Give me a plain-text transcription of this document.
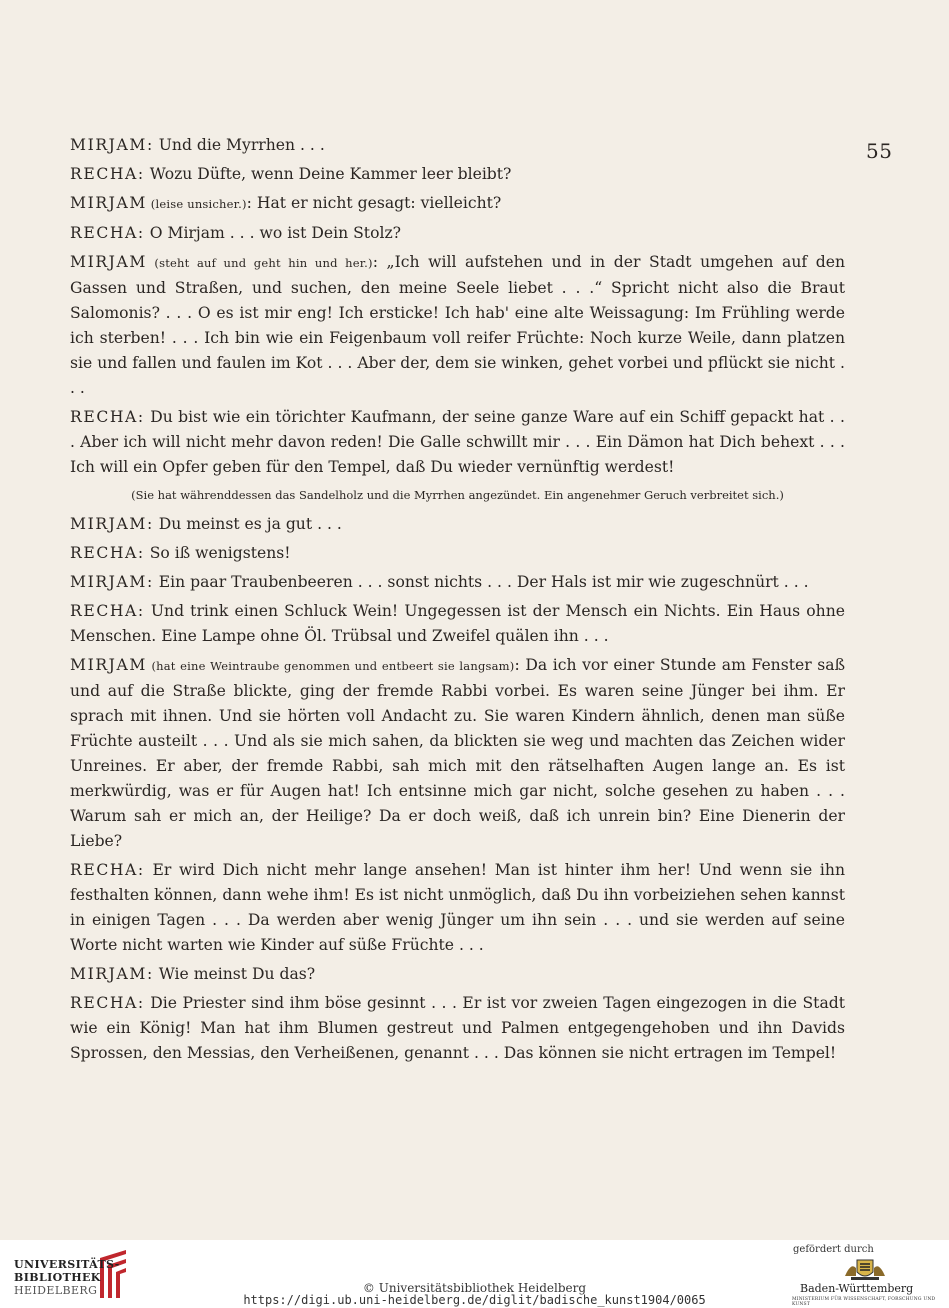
55

MIRJAM: Und die Myrrhen . . .

RECHA: Wozu Düfte, wenn Deine Kammer leer bleibt?

MIRJAM (leise unsicher.): Hat er nicht gesagt: vielleicht?

RECHA: O Mirjam . . . wo ist Dein Stolz?

MIRJAM (steht auf und geht hin und her.): „Ich will aufstehen und in der Stadt umgehen auf den Gassen und Straßen, und suchen, den meine Seele liebet . . .“ Spricht nicht also die Braut Salomonis? . . . O es ist mir eng! Ich ersticke! Ich hab' eine alte Weissagung: Im Frühling werde ich sterben! . . . Ich bin wie ein Feigenbaum voll reifer Früchte: Noch kurze Weile, dann platzen sie und fallen und faulen im Kot . . . Aber der, dem sie winken, gehet vorbei und pflückt sie nicht . . .

RECHA: Du bist wie ein törichter Kaufmann, der seine ganze Ware auf ein Schiff gepackt hat . . . Aber ich will nicht mehr davon reden! Die Galle schwillt mir . . . Ein Dämon hat Dich behext . . . Ich will ein Opfer geben für den Tempel, daß Du wieder vernünftig werdest!

(Sie hat währenddessen das Sandelholz und die Myrrhen angezündet. Ein angenehmer Geruch verbreitet sich.)

MIRJAM: Du meinst es ja gut . . .

RECHA: So iß wenigstens!

MIRJAM: Ein paar Traubenbeeren . . . sonst nichts . . . Der Hals ist mir wie zugeschnürt . . .

RECHA: Und trink einen Schluck Wein! Ungegessen ist der Mensch ein Nichts. Ein Haus ohne Menschen. Eine Lampe ohne Öl. Trübsal und Zweifel quälen ihn . . .

MIRJAM (hat eine Weintraube genommen und entbeert sie langsam): Da ich vor einer Stunde am Fenster saß und auf die Straße blickte, ging der fremde Rabbi vorbei. Es waren seine Jünger bei ihm. Er sprach mit ihnen. Und sie hörten voll Andacht zu. Sie waren Kindern ähnlich, denen man süße Früchte austeilt . . . Und als sie mich sahen, da blickten sie weg und machten das Zeichen wider Unreines. Er aber, der fremde Rabbi, sah mich mit den rätselhaften Augen lange an. Es ist merkwürdig, was er für Augen hat! Ich entsinne mich gar nicht, solche gesehen zu haben . . . Warum sah er mich an, der Heilige? Da er doch weiß, daß ich unrein bin? Eine Dienerin der Liebe?

RECHA: Er wird Dich nicht mehr lange ansehen! Man ist hinter ihm her! Und wenn sie ihn festhalten können, dann wehe ihm! Es ist nicht unmöglich, daß Du ihn vorbeiziehen sehen kannst in einigen Tagen . . . Da werden aber wenig Jünger um ihn sein . . . und sie werden auf seine Worte nicht warten wie Kinder auf süße Früchte . . .

MIRJAM: Wie meinst Du das?

RECHA: Die Priester sind ihm böse gesinnt . . . Er ist vor zweien Tagen eingezogen in die Stadt wie ein König! Man hat ihm Blumen gestreut und Palmen entgegengehoben und ihn Davids Sprossen, den Messias, den Verheißenen, genannt . . . Das können sie nicht ertragen im Tempel!

UNIVERSITÄTS-
BIBLIOTHEK
HEIDELBERG	© Universitätsbibliothek Heidelberg
https://digi.ub.uni-heidelberg.de/diglit/badische_kunst1904/0065
gefördert durch
Baden-Württemberg
MINISTERIUM FÜR WISSENSCHAFT, FORSCHUNG UND KUNST
